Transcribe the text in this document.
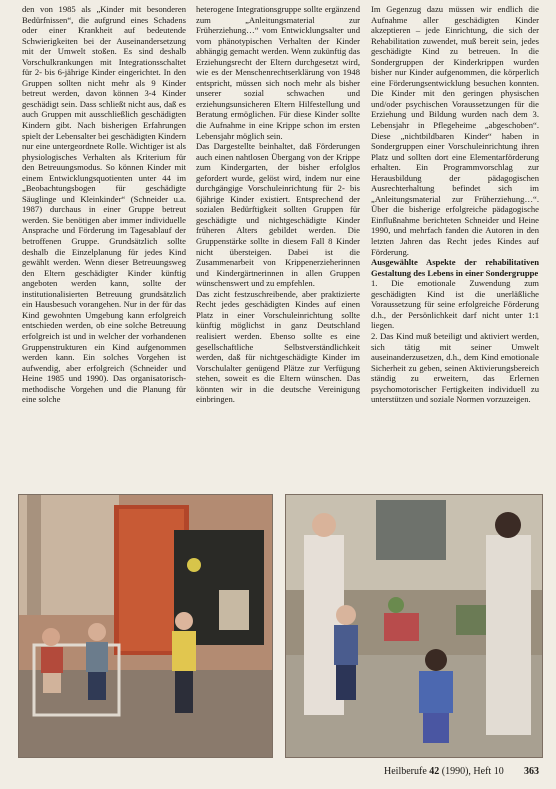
den von 1985 als „Kinder mit besonderen Bedürfnissen“, die aufgrund eines Schadens oder einer Krankheit auf bedeutende Schwierigkeiten bei der Auseinandersetzung mit der Umwelt stoßen. Es sind deshalb Vorschulkrankungen mit Integrationsschaltet für 2- bis 6-jährige Kinder eingerichtet. In den Gruppen sollten nicht mehr als 9 Kinder betreut werden, davon können 3-4 Kinder geschädigt sein. Dass schließt nicht aus, daß es auch Gruppen mit ausschließlich geschädigten Kindern gibt. Nach bisherigen Erfahrungen spielt der Lebensalter bei geschädigten Kindern nur eine untergeordnete Rolle. Wichtiger ist als physiologisches Verhalten als Kriterium für den Betreuungsmodus. So können Kinder mit einem Entwicklungsquotienten unter 44 im „Beobachtungsbogen für geschädigte Säuglinge und Kleinkinder“ (Schneider u.a. 1987) durchaus in einer Gruppe betreut werden. Sie benötigen aber immer individuelle Ansprache und Förderung im Tagesablauf der betroffenen Gruppe. Grundsätzlich sollte deshalb die Einzelplanung für jedes Kind gewählt werden. Wenn dieser Betreuungsweg den Eltern geschädigter Kinder künftig angeboten werden kann, sollte der institutionalisierten Betreuung grundsätzlich ein Hausbesuch vorangehen. Nur in der für das Kind gewohnten Umgebung kann erfolgreich entschieden werden, ob eine solche Betreuung erfolgreich ist und in welcher der vorhandenen Gruppenstrukturen ein Kind aufgenommen werden kann. Ein solches Vorgehen ist aufwendig, aber erfolgreich (Schneider und Heine 1985 und 1990). Das organisatorisch-methodische Vorgehen und die Planung für eine solche

heterogene Integrationsgruppe sollte ergänzend zum „Anleitungsmaterial zur Früherziehung…“ vom Entwicklungsalter und vom phänotypischen Verhalten der Kinder abhängig gemacht werden. Wenn zukünftig das Erziehungsrecht der Eltern durchgesetzt wird, wie es der Menschenrechtserklärung von 1948 entspricht, müssen sich noch mehr als bisher unserer sozial schwachen und erziehungsunsicheren Eltern Hilfestellung und Beratung ermöglichen. Für diese Kinder sollte die Aufnahme in eine Krippe schon im ersten Lebensjahr möglich sein.

Das Dargestellte beinhaltet, daß Förderungen auch einen nahtlosen Übergang von der Krippe zum Kindergarten, der bisher erfolglos gefordert wurde, gelöst wird, indem nur eine durchgängige Vorschuleinrichtung für 2- bis 6jährige Kinder existiert. Entsprechend der sozialen Bedürftigkeit sollten Gruppen für geschädigte und nichtgeschädigte Kinder früheren Alters gebildet werden. Die Gruppenstärke sollte in diesem Fall 8 Kinder nicht übersteigen. Dabei ist die Zusammenarbeit von Krippenerzieherinnen und Kindergärtnerinnen in allen Gruppen wünschenswert und zu empfehlen.

Das zicht festzuschreibende, aber praktizierte Recht jedes geschädigten Kindes auf einen Platz in einer Vorschuleinrichtung sollte künftig möglichst in ganz Deutschland realisiert werden. Ebenso sollte es eine gesellschaftliche Selbstverständlichkeit werden, daß für nichtgeschädigte Kinder im Vorschulalter genügend Plätze zur Verfügung stehen, soweit es die Eltern wünschen. Das könnten wir in die deutsche Vereinigung einbringen.

Im Gegenzug dazu müssen wir endlich die Aufnahme aller geschädigten Kinder akzeptieren – jede Einrichtung, die sich der Rehabilitation zuwendet, muß bereit sein, jedes geschädigte Kind zu betreuen. In die Sondergruppen der Kinderkrippen wurden bisher nur Kinder aufgenommen, die körperlich eine Förderungsentwicklung besuchen konnten. Die Kinder mit den geringen physischen und/oder psychischen Voraussetzungen für die Erziehung und Bildung wurden nach dem 3. Lebensjahr in Pflegeheime „abgeschoben“. Diese „nichtbildbaren Kinder“ haben in Sondergruppen einer Vorschuleinrichtung ihren Platz und sollten dort eine Elementarförderung erhalten. Ein Programmvorschlag zur Herausbildung der pädagogischen Ausrechterhaltung befindet sich im „Anleitungsmaterial zur Früherziehung…“. Über die bisherige erfolgreiche pädagogische Einflußnahme berichteten Schneider und Heine 1990, und mehrfach fanden die Autoren in den letzten Jahren das Recht jedes Kindes auf Förderung.

Ausgewählte Aspekte der rehabilitativen Gestaltung des Lebens in einer Sondergruppe

1. Die emotionale Zuwendung zum geschädigten Kind ist die unerläßliche Voraussetzung für seine erfolgreiche Förderung d.h., der Persönlichkeit darf nicht unter 1:1 liegen.

2. Das Kind muß beteiligt und aktiviert werden, sich tätig mit seiner Umwelt auseinanderzusetzen, d.h., dem Kind emotionale Sicherheit zu geben, seinen Aktivierungsbereich ständig zu erweitern, das Erlernen psychomotorischer Fertigkeiten individuell zu unterstützen und soziale Normen vorzuzeigen.

Heilberufe 42 (1990), Heft 10 363
